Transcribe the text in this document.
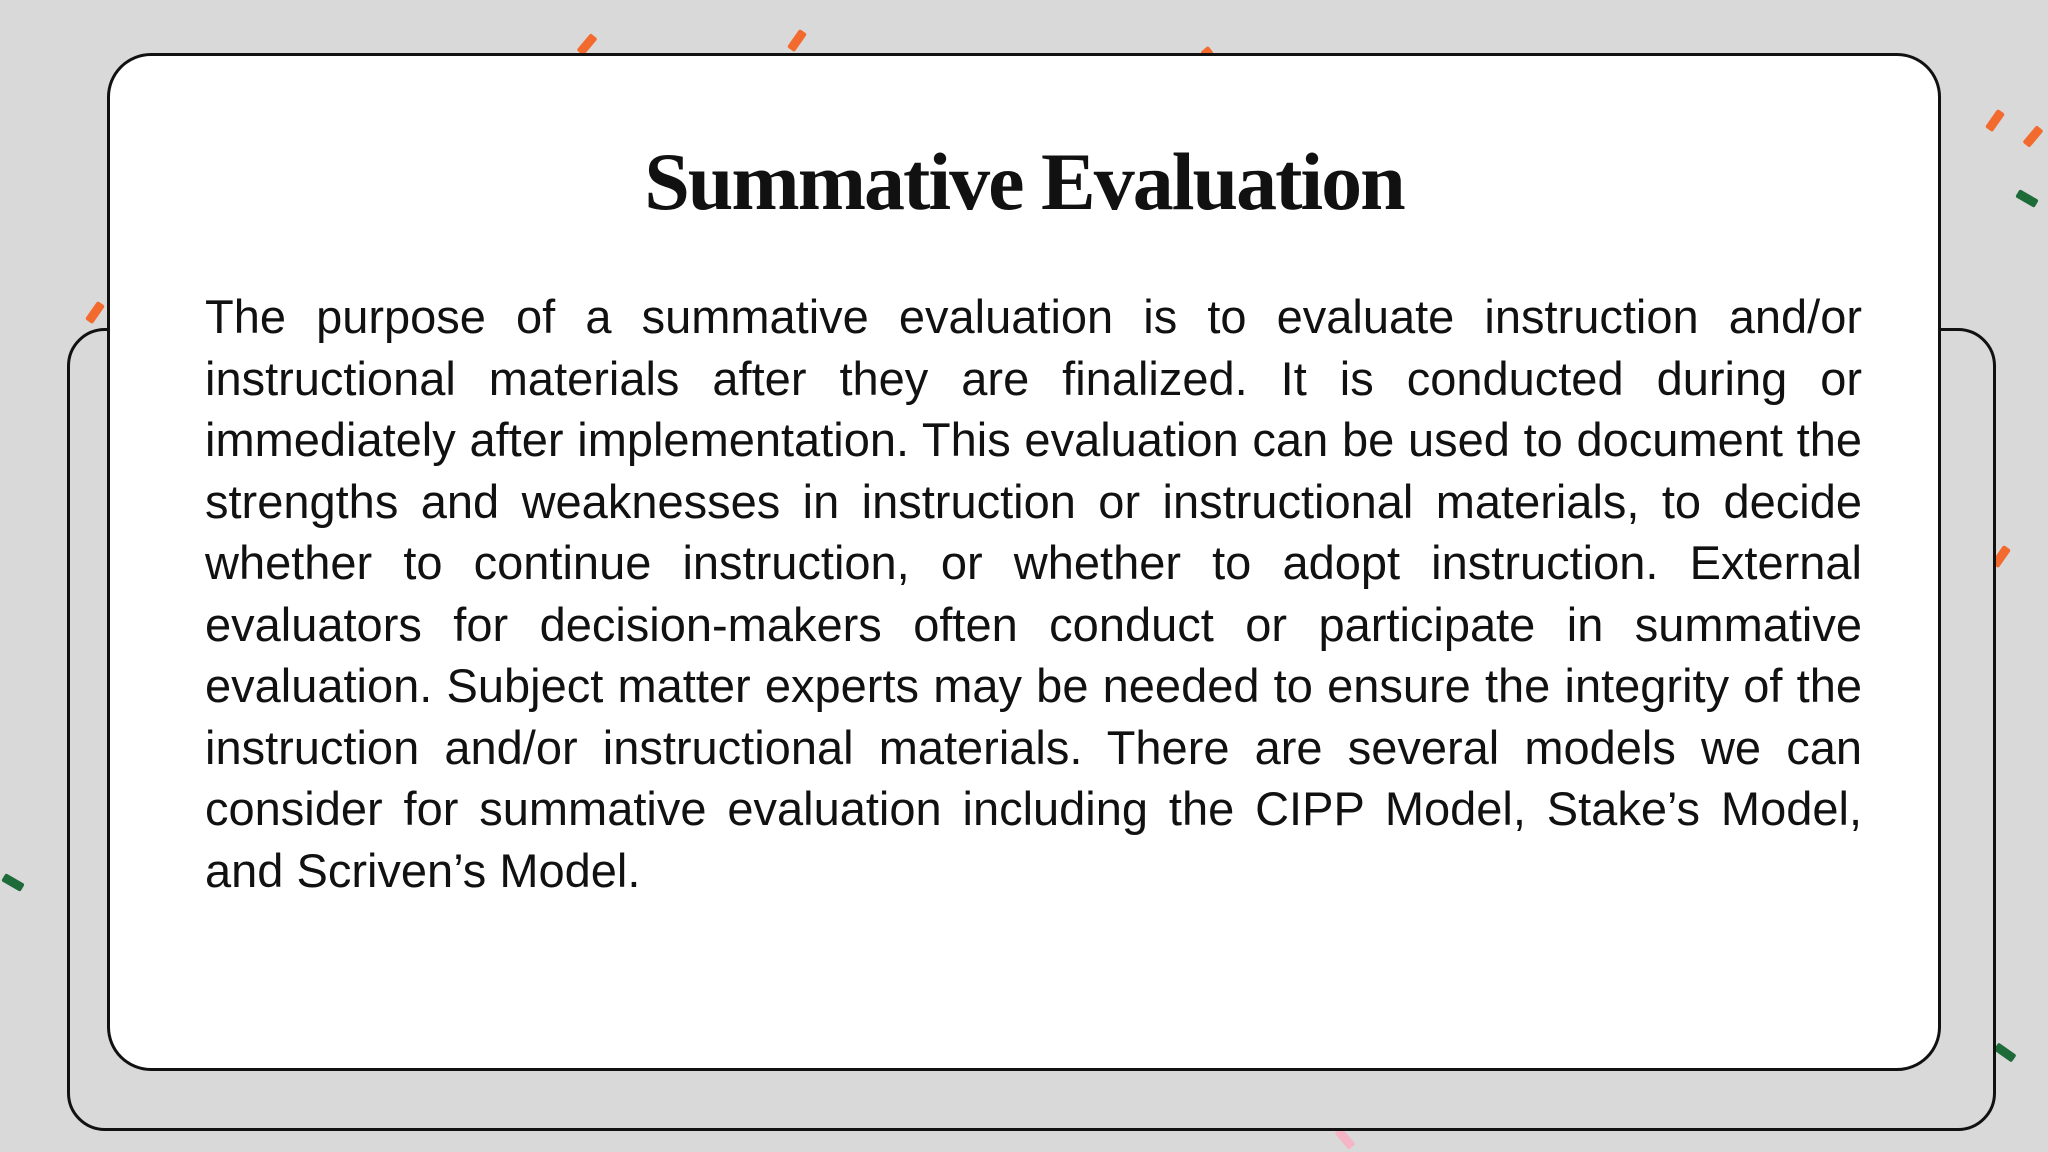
Summative Evaluation

The purpose of a summative evaluation is to evaluate instruction and/or instructional materials after they are finalized. It is conducted during or immediately after implementation. This evaluation can be used to document the strengths and weaknesses in instruction or instructional materials, to decide whether to continue instruction, or whether to adopt instruction. External evaluators for decision-makers often conduct or participate in summative evaluation. Subject matter experts may be needed to ensure the integrity of the instruction and/or instructional materials. There are several models we can consider for summative evaluation including the CIPP Model, Stake’s Model, and Scriven’s Model.
